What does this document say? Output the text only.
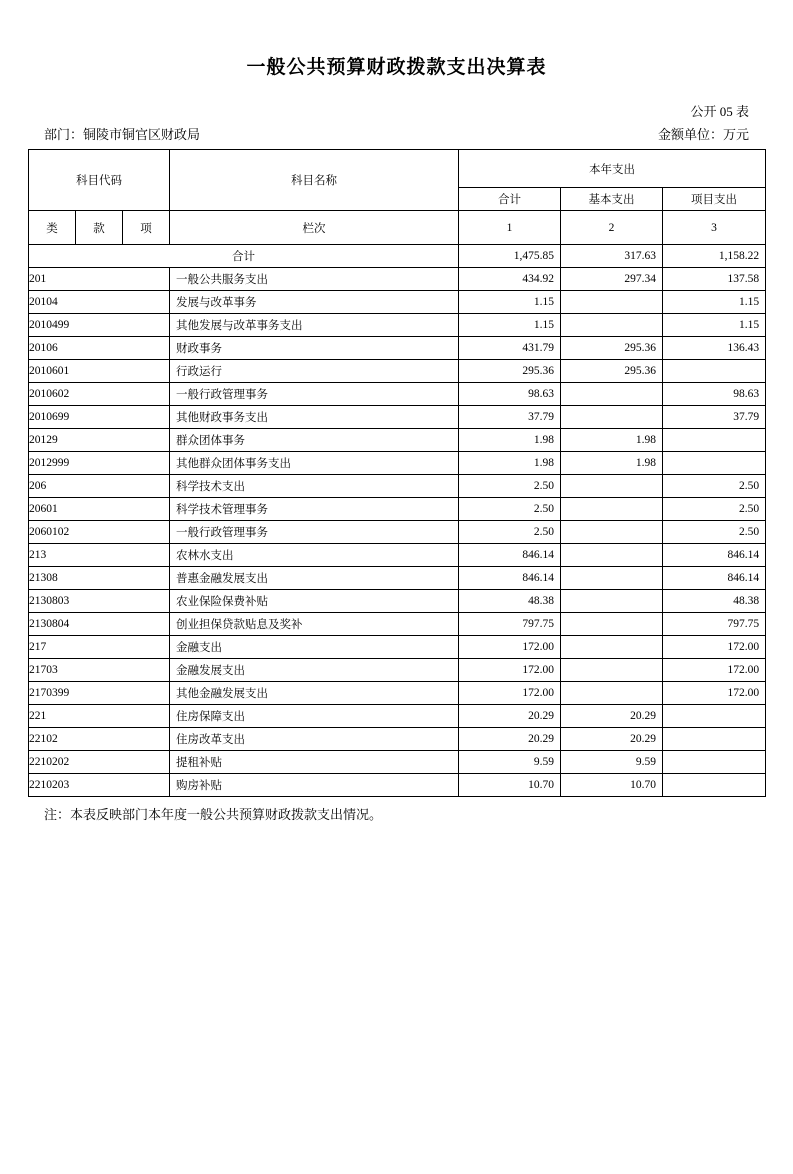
一般公共预算财政拨款支出决算表
公开 05 表
部门：铜陵市铜官区财政局	金额单位：万元
科目代码			科目名称	本年支出		
				合计	基本支出	项目支出
类	款	项	栏次	1	2	3
合计				1,475.85	317.63	1,158.22
201			一般公共服务支出	434.92	297.34	137.58
20104			发展与改革事务	1.15		1.15
2010499			其他发展与改革事务支出	1.15		1.15
20106			财政事务	431.79	295.36	136.43
2010601			行政运行	295.36	295.36	
2010602			一般行政管理事务	98.63		98.63
2010699			其他财政事务支出	37.79		37.79
20129			群众团体事务	1.98	1.98	
2012999			其他群众团体事务支出	1.98	1.98	
206			科学技术支出	2.50		2.50
20601			科学技术管理事务	2.50		2.50
2060102			一般行政管理事务	2.50		2.50
213			农林水支出	846.14		846.14
21308			普惠金融发展支出	846.14		846.14
2130803			农业保险保费补贴	48.38		48.38
2130804			创业担保贷款贴息及奖补	797.75		797.75
217			金融支出	172.00		172.00
21703			金融发展支出	172.00		172.00
2170399			其他金融发展支出	172.00		172.00
221			住房保障支出	20.29	20.29	
22102			住房改革支出	20.29	20.29	
2210202			提租补贴	9.59	9.59	
2210203			购房补贴	10.70	10.70	
注：本表反映部门本年度一般公共预算财政拨款支出情况。
